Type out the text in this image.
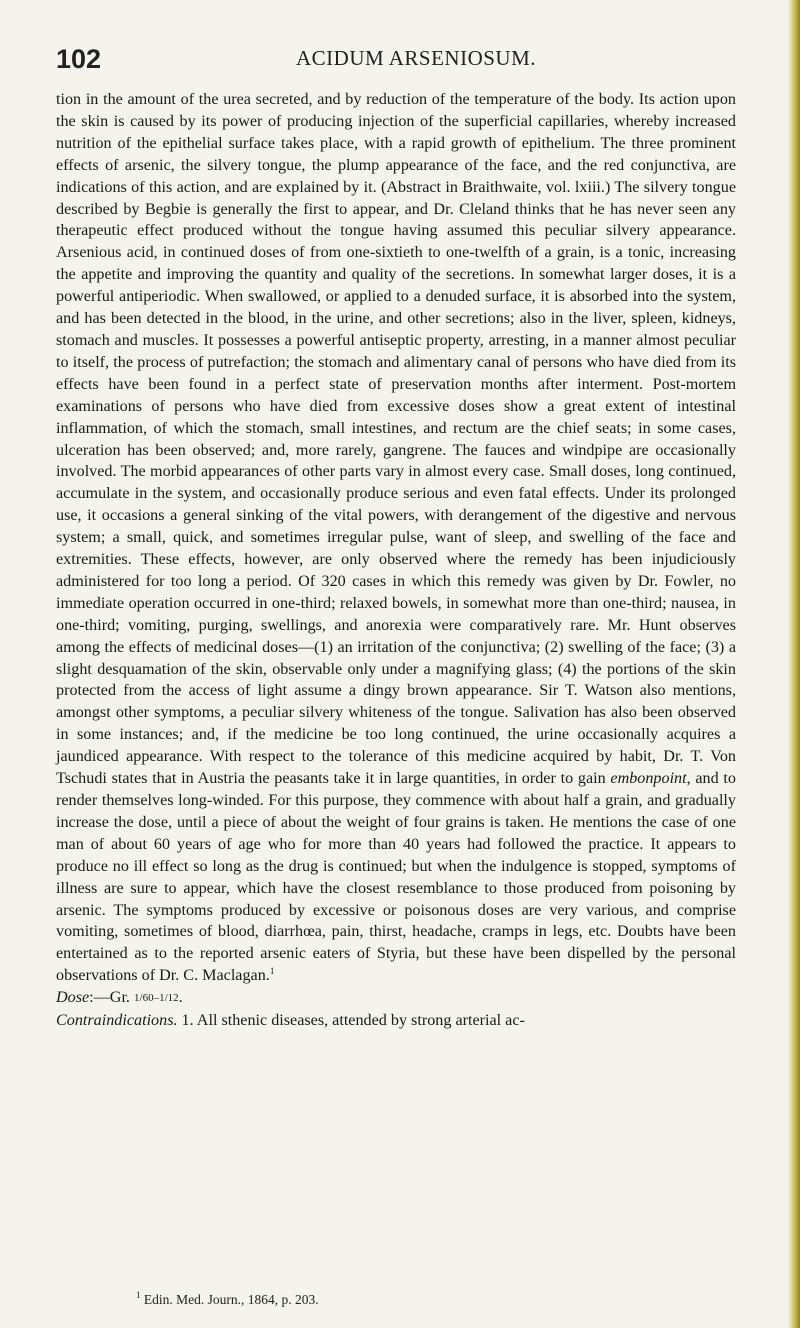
102	ACIDUM ARSENIOSUM.

tion in the amount of the urea secreted, and by reduction of the temperature of the body. Its action upon the skin is caused by its power of producing injection of the superficial capillaries, whereby increased nutrition of the epithelial surface takes place, with a rapid growth of epithelium. The three prominent effects of arsenic, the silvery tongue, the plump appearance of the face, and the red conjunctiva, are indications of this action, and are explained by it. (Abstract in Braithwaite, vol. lxiii.) The silvery tongue described by Begbie is generally the first to appear, and Dr. Cleland thinks that he has never seen any therapeutic effect produced without the tongue having assumed this peculiar silvery appearance. Arsenious acid, in continued doses of from one-sixtieth to one-twelfth of a grain, is a tonic, increasing the appetite and improving the quantity and quality of the secretions. In somewhat larger doses, it is a powerful antiperiodic. When swallowed, or applied to a denuded surface, it is absorbed into the system, and has been detected in the blood, in the urine, and other secretions; also in the liver, spleen, kidneys, stomach and muscles. It possesses a powerful antiseptic property, arresting, in a manner almost peculiar to itself, the process of putrefaction; the stomach and alimentary canal of persons who have died from its effects have been found in a perfect state of preservation months after interment. Post-mortem examinations of persons who have died from excessive doses show a great extent of intestinal inflammation, of which the stomach, small intestines, and rectum are the chief seats; in some cases, ulceration has been observed; and, more rarely, gangrene. The fauces and windpipe are occasionally involved. The morbid appearances of other parts vary in almost every case. Small doses, long continued, accumulate in the system, and occasionally produce serious and even fatal effects. Under its prolonged use, it occasions a general sinking of the vital powers, with derangement of the digestive and nervous system; a small, quick, and sometimes irregular pulse, want of sleep, and swelling of the face and extremities. These effects, however, are only observed where the remedy has been injudiciously administered for too long a period. Of 320 cases in which this remedy was given by Dr. Fowler, no immediate operation occurred in one-third; relaxed bowels, in somewhat more than one-third; nausea, in one-third; vomiting, purging, swellings, and anorexia were comparatively rare. Mr. Hunt observes among the effects of medicinal doses—(1) an irritation of the conjunctiva; (2) swelling of the face; (3) a slight desquamation of the skin, observable only under a magnifying glass; (4) the portions of the skin protected from the access of light assume a dingy brown appearance. Sir T. Watson also mentions, amongst other symptoms, a peculiar silvery whiteness of the tongue. Salivation has also been observed in some instances; and, if the medicine be too long continued, the urine occasionally acquires a jaundiced appearance. With respect to the tolerance of this medicine acquired by habit, Dr. T. Von Tschudi states that in Austria the peasants take it in large quantities, in order to gain embonpoint, and to render themselves long-winded. For this purpose, they commence with about half a grain, and gradually increase the dose, until a piece of about the weight of four grains is taken. He mentions the case of one man of about 60 years of age who for more than 40 years had followed the practice. It appears to produce no ill effect so long as the drug is continued; but when the indulgence is stopped, symptoms of illness are sure to appear, which have the closest resemblance to those produced from poisoning by arsenic. The symptoms produced by excessive or poisonous doses are very various, and comprise vomiting, sometimes of blood, diarrhœa, pain, thirst, headache, cramps in legs, etc. Doubts have been entertained as to the reported arsenic eaters of Styria, but these have been dispelled by the personal observations of Dr. C. Maclagan.$^1$

Dose:—Gr. 1/60–1/12.

Contraindications. 1. All sthenic diseases, attended by strong arterial ac-

$^1$ Edin. Med. Journ., 1864, p. 203.
